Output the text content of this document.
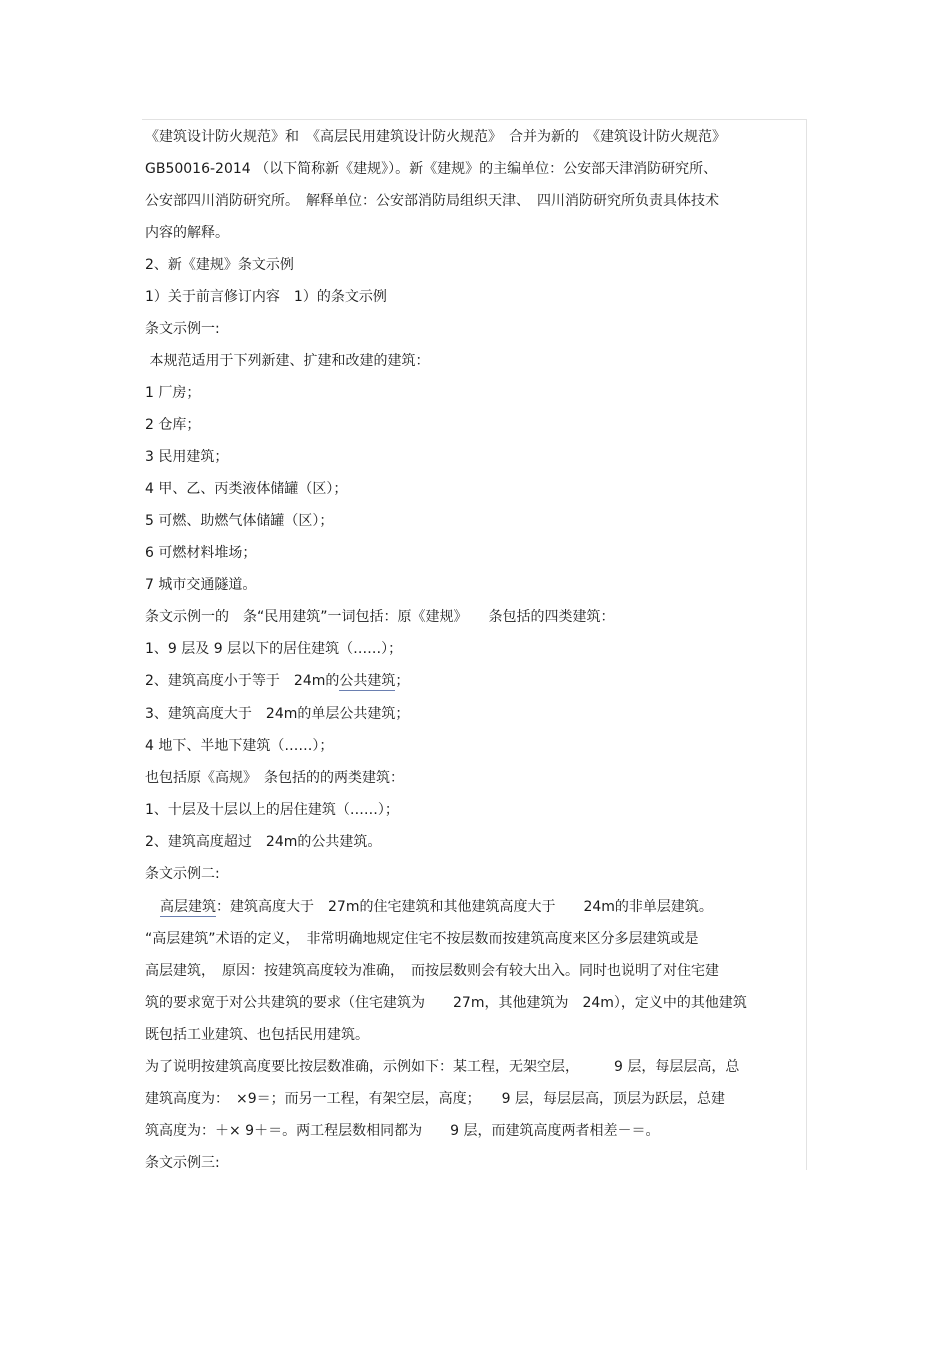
《建筑设计防火规范》和　《高层民用建筑设计防火规范》　合并为新的　《建筑设计防火规范》
GB50016-2014 （以下简称新《建规》）。新《建规》的主编单位：公安部天津消防研究所、
公安部四川消防研究所。　解释单位：公安部消防局组织天津、　四川消防研究所负责具体技术
内容的解释。
2、新《建规》条文示例
1）关于前言修订内容　1）的条文示例
条文示例一:
本规范适用于下列新建、扩建和改建的建筑：
1 厂房；
2 仓库；
3 民用建筑；
4 甲、乙、丙类液体储罐（区）；
5 可燃、助燃气体储罐（区）；
6 可燃材料堆场；
7 城市交通隧道。
条文示例一的　条“民用建筑”一词包括：原《建规》　　条包括的四类建筑：
1、9 层及 9 层以下的居住建筑（……）；
2、建筑高度小于等于　24m的公共建筑；
3、建筑高度大于　24m的单层公共建筑；
4 地下、半地下建筑（……）；
也包括原《高规》　条包括的的两类建筑：
1、十层及十层以上的居住建筑（……）；
2、建筑高度超过　24m的公共建筑。
条文示例二:
高层建筑：建筑高度大于　27m的住宅建筑和其他建筑高度大于　　24m的非单层建筑。
“高层建筑”术语的定义，　非常明确地规定住宅不按层数而按建筑高度来区分多层建筑或是
高层建筑，　原因：按建筑高度较为准确，　而按层数则会有较大出入。同时也说明了对住宅建
筑的要求宽于对公共建筑的要求（住宅建筑为　　27m，其他建筑为　24m），定义中的其他建筑
既包括工业建筑、也包括民用建筑。
为了说明按建筑高度要比按层数准确，示例如下：某工程，无架空层，　　　9 层，每层层高，总
建筑高度为：　×9＝；而另一工程，有架空层，高度；　　9 层，每层层高，顶层为跃层，总建
筑高度为：＋× 9＋＝。两工程层数相同都为　　9 层，而建筑高度两者相差－＝。
条文示例三:
